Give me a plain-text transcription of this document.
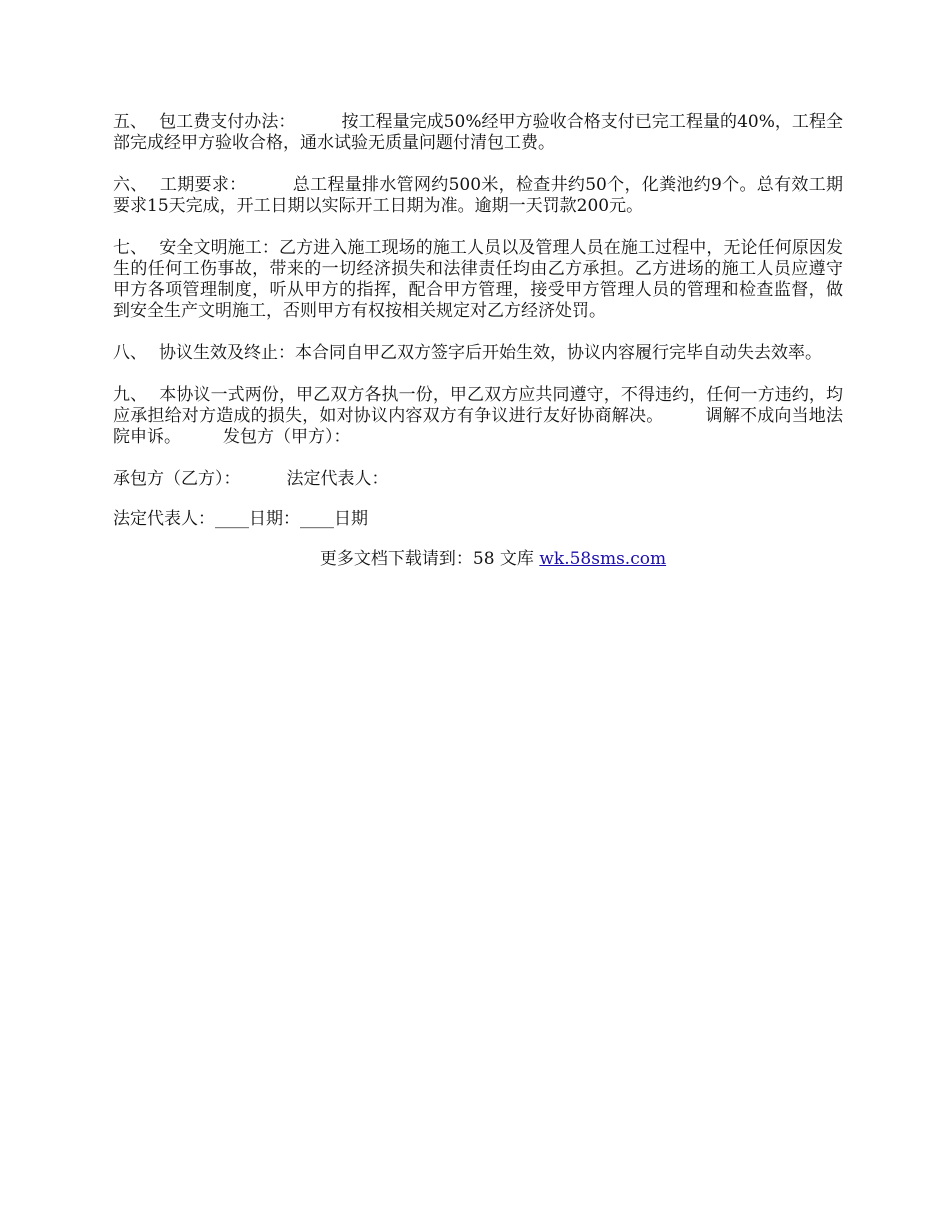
五、 包工费支付办法：	按工程量完成50%经甲方验收合格支付已完工程量的40%，工程全部完成经甲方验收合格，通水试验无质量问题付清包工费。

六、 工期要求：	总工程量排水管网约500米，检查井约50个，化粪池约9个。总有效工期要求15天完成，开工日期以实际开工日期为准。逾期一天罚款200元。

七、 安全文明施工：乙方进入施工现场的施工人员以及管理人员在施工过程中，无论任何原因发生的任何工伤事故，带来的一切经济损失和法律责任均由乙方承担。乙方进场的施工人员应遵守甲方各项管理制度，听从甲方的指挥，配合甲方管理，接受甲方管理人员的管理和检查监督，做到安全生产文明施工，否则甲方有权按相关规定对乙方经济处罚。

八、 协议生效及终止：本合同自甲乙双方签字后开始生效，协议内容履行完毕自动失去效率。

九、 本协议一式两份，甲乙双方各执一份，甲乙双方应共同遵守，不得违约，任何一方违约，均应承担给对方造成的损失，如对协议内容双方有争议进行友好协商解决。 调解不成向当地法院申诉。 发包方（甲方）：

承包方（乙方）：	法定代表人：

法定代表人：____日期：____日期

更多文档下载请到：58 文库 wk.58sms.com
